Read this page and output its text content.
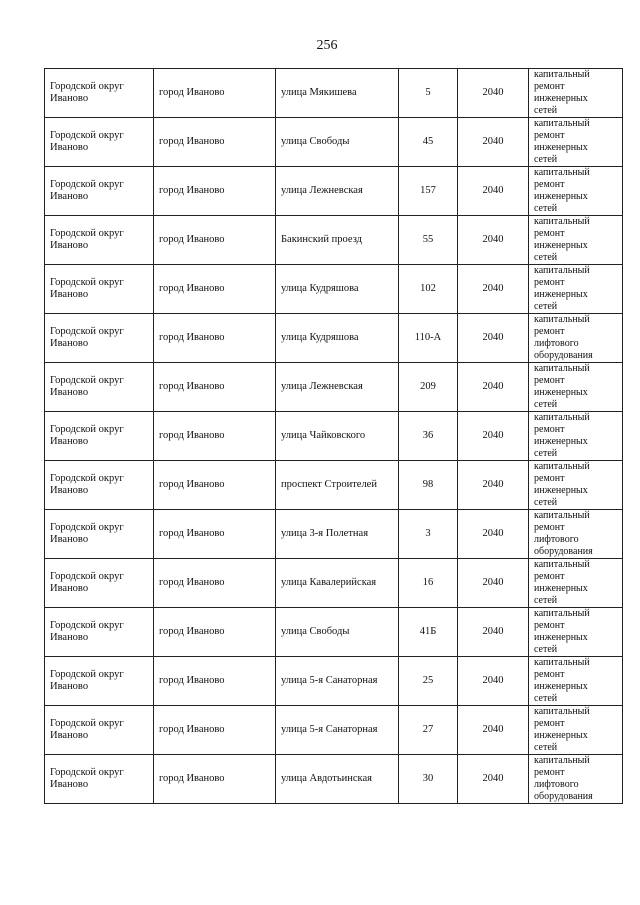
256
Городской округ Иваново	город Иваново	улица Мякишева	5	2040	капитальный
ремонт
инженерных
сетей

Городской округ Иваново	город Иваново	улица Свободы	45	2040	капитальный
ремонт
инженерных
сетей

Городской округ Иваново	город Иваново	улица Лежневская	157	2040	капитальный
ремонт
инженерных
сетей

Городской округ Иваново	город Иваново	Бакинский проезд	55	2040	капитальный
ремонт
инженерных
сетей

Городской округ Иваново	город Иваново	улица Кудряшова	102	2040	капитальный
ремонт
инженерных
сетей

Городской округ Иваново	город Иваново	улица Кудряшова	110-А	2040	капитальный
ремонт
лифтового
оборудования

Городской округ Иваново	город Иваново	улица Лежневская	209	2040	капитальный
ремонт
инженерных
сетей

Городской округ Иваново	город Иваново	улица Чайковского	36	2040	капитальный
ремонт
инженерных
сетей

Городской округ Иваново	город Иваново	проспект Строителей	98	2040	капитальный
ремонт
инженерных
сетей

Городской округ Иваново	город Иваново	улица 3-я Полетная	3	2040	капитальный
ремонт
лифтового
оборудования

Городской округ Иваново	город Иваново	улица Кавалерийская	16	2040	капитальный
ремонт
инженерных
сетей

Городской округ Иваново	город Иваново	улица Свободы	41Б	2040	капитальный
ремонт
инженерных
сетей

Городской округ Иваново	город Иваново	улица 5-я Санаторная	25	2040	капитальный
ремонт
инженерных
сетей

Городской округ Иваново	город Иваново	улица 5-я Санаторная	27	2040	капитальный
ремонт
инженерных
сетей

Городской округ Иваново	город Иваново	улица Авдотьинская	30	2040	капитальный
ремонт
лифтового
оборудования
